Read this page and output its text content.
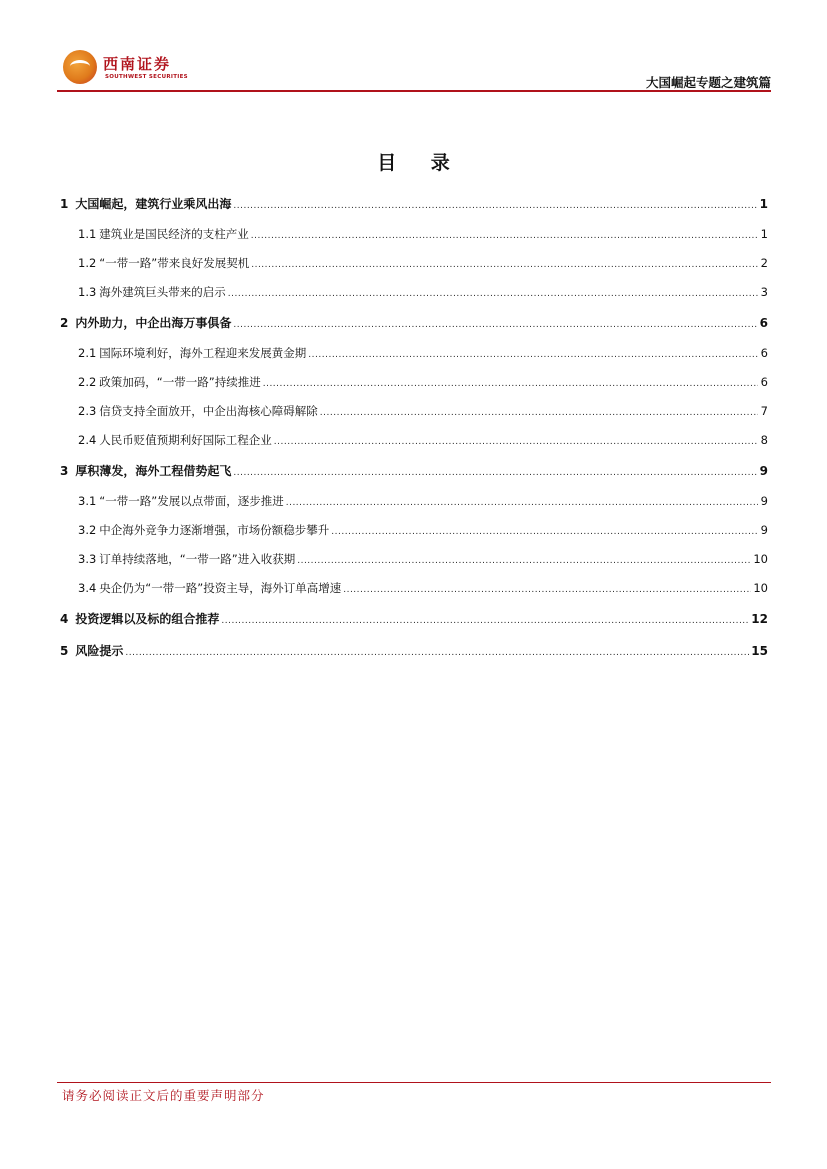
西南证券
SOUTHWEST SECURITIES	大国崛起专题之建筑篇
目 录
1 大国崛起，建筑行业乘风出海 .....	1
1.1 建筑业是国民经济的支柱产业 .....	1
1.2 “一带一路”带来良好发展契机 .....	2
1.3 海外建筑巨头带来的启示 .....	3
2 内外助力，中企出海万事俱备 .....	6
2.1 国际环境利好，海外工程迎来发展黄金期 .....	6
2.2 政策加码，“一带一路”持续推进 .....	6
2.3 信贷支持全面放开，中企出海核心障碍解除 .....	7
2.4 人民币贬值预期利好国际工程企业 .....	8
3 厚积薄发，海外工程借势起飞 .....	9
3.1 “一带一路”发展以点带面，逐步推进 .....	9
3.2 中企海外竞争力逐渐增强，市场份额稳步攀升 .....	9
3.3 订单持续落地，“一带一路”进入收获期 .....	10
3.4 央企仍为“一带一路”投资主导，海外订单高增速 .....	10
4 投资逻辑以及标的组合推荐 .....	12
5 风险提示 .....	15
请务必阅读正文后的重要声明部分
